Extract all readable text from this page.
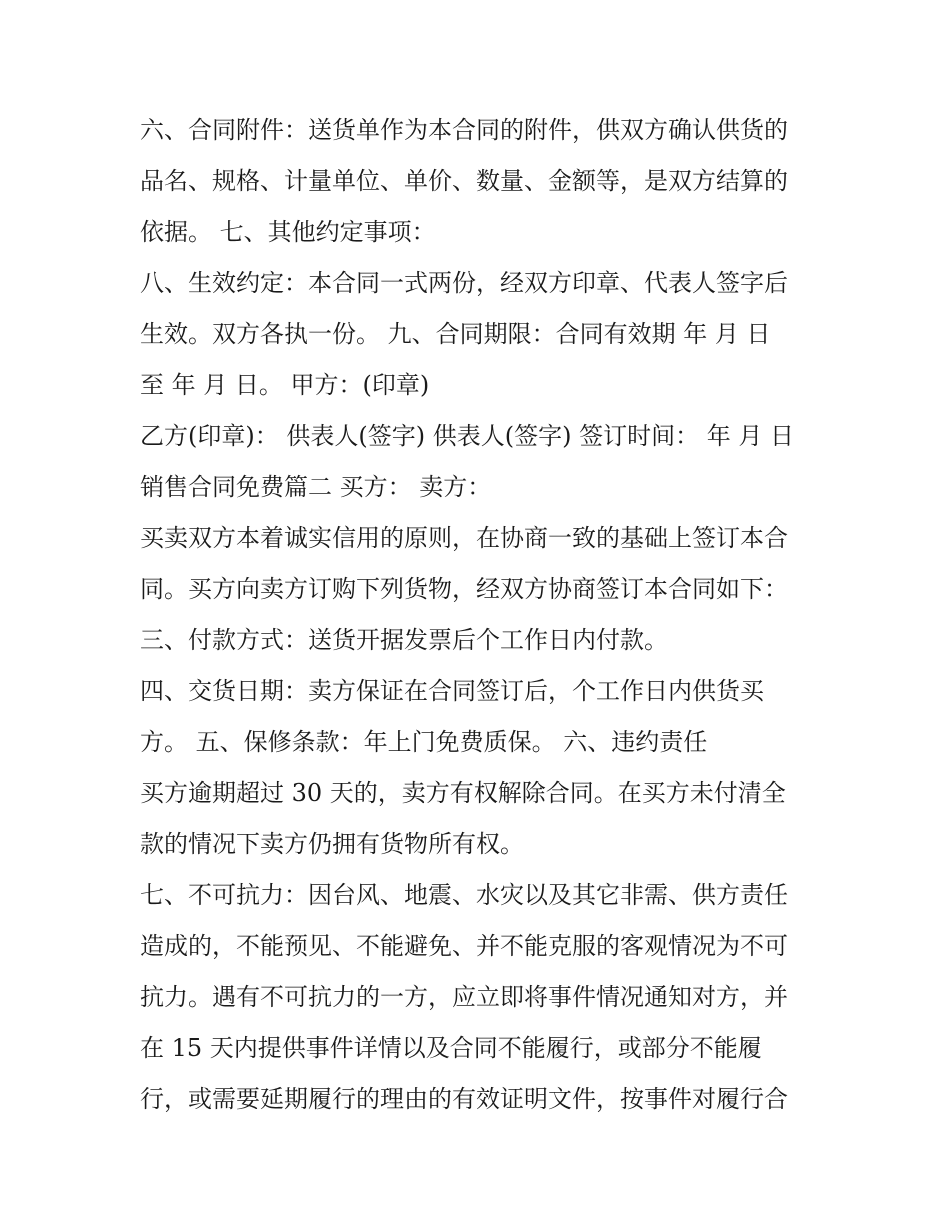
六、合同附件：送货单作为本合同的附件，供双方确认供货的
品名、规格、计量单位、单价、数量、金额等，是双方结算的
依据。 七、其他约定事项：
八、生效约定：本合同一式两份，经双方印章、代表人签字后
生效。双方各执一份。 九、合同期限：合同有效期 年 月 日
至 年 月 日。 甲方：(印章)
乙方(印章)： 供表人(签字) 供表人(签字) 签订时间： 年 月 日
销售合同免费篇二 买方： 卖方：
买卖双方本着诚实信用的原则，在协商一致的基础上签订本合
同。买方向卖方订购下列货物，经双方协商签订本合同如下：
三、付款方式：送货开据发票后个工作日内付款。
四、交货日期：卖方保证在合同签订后，个工作日内供货买
方。 五、保修条款：年上门免费质保。 六、违约责任
买方逾期超过 30 天的，卖方有权解除合同。在买方未付清全
款的情况下卖方仍拥有货物所有权。
七、不可抗力：因台风、地震、水灾以及其它非需、供方责任
造成的，不能预见、不能避免、并不能克服的客观情况为不可
抗力。遇有不可抗力的一方，应立即将事件情况通知对方，并
在 15 天内提供事件详情以及合同不能履行，或部分不能履
行，或需要延期履行的理由的有效证明文件，按事件对履行合
